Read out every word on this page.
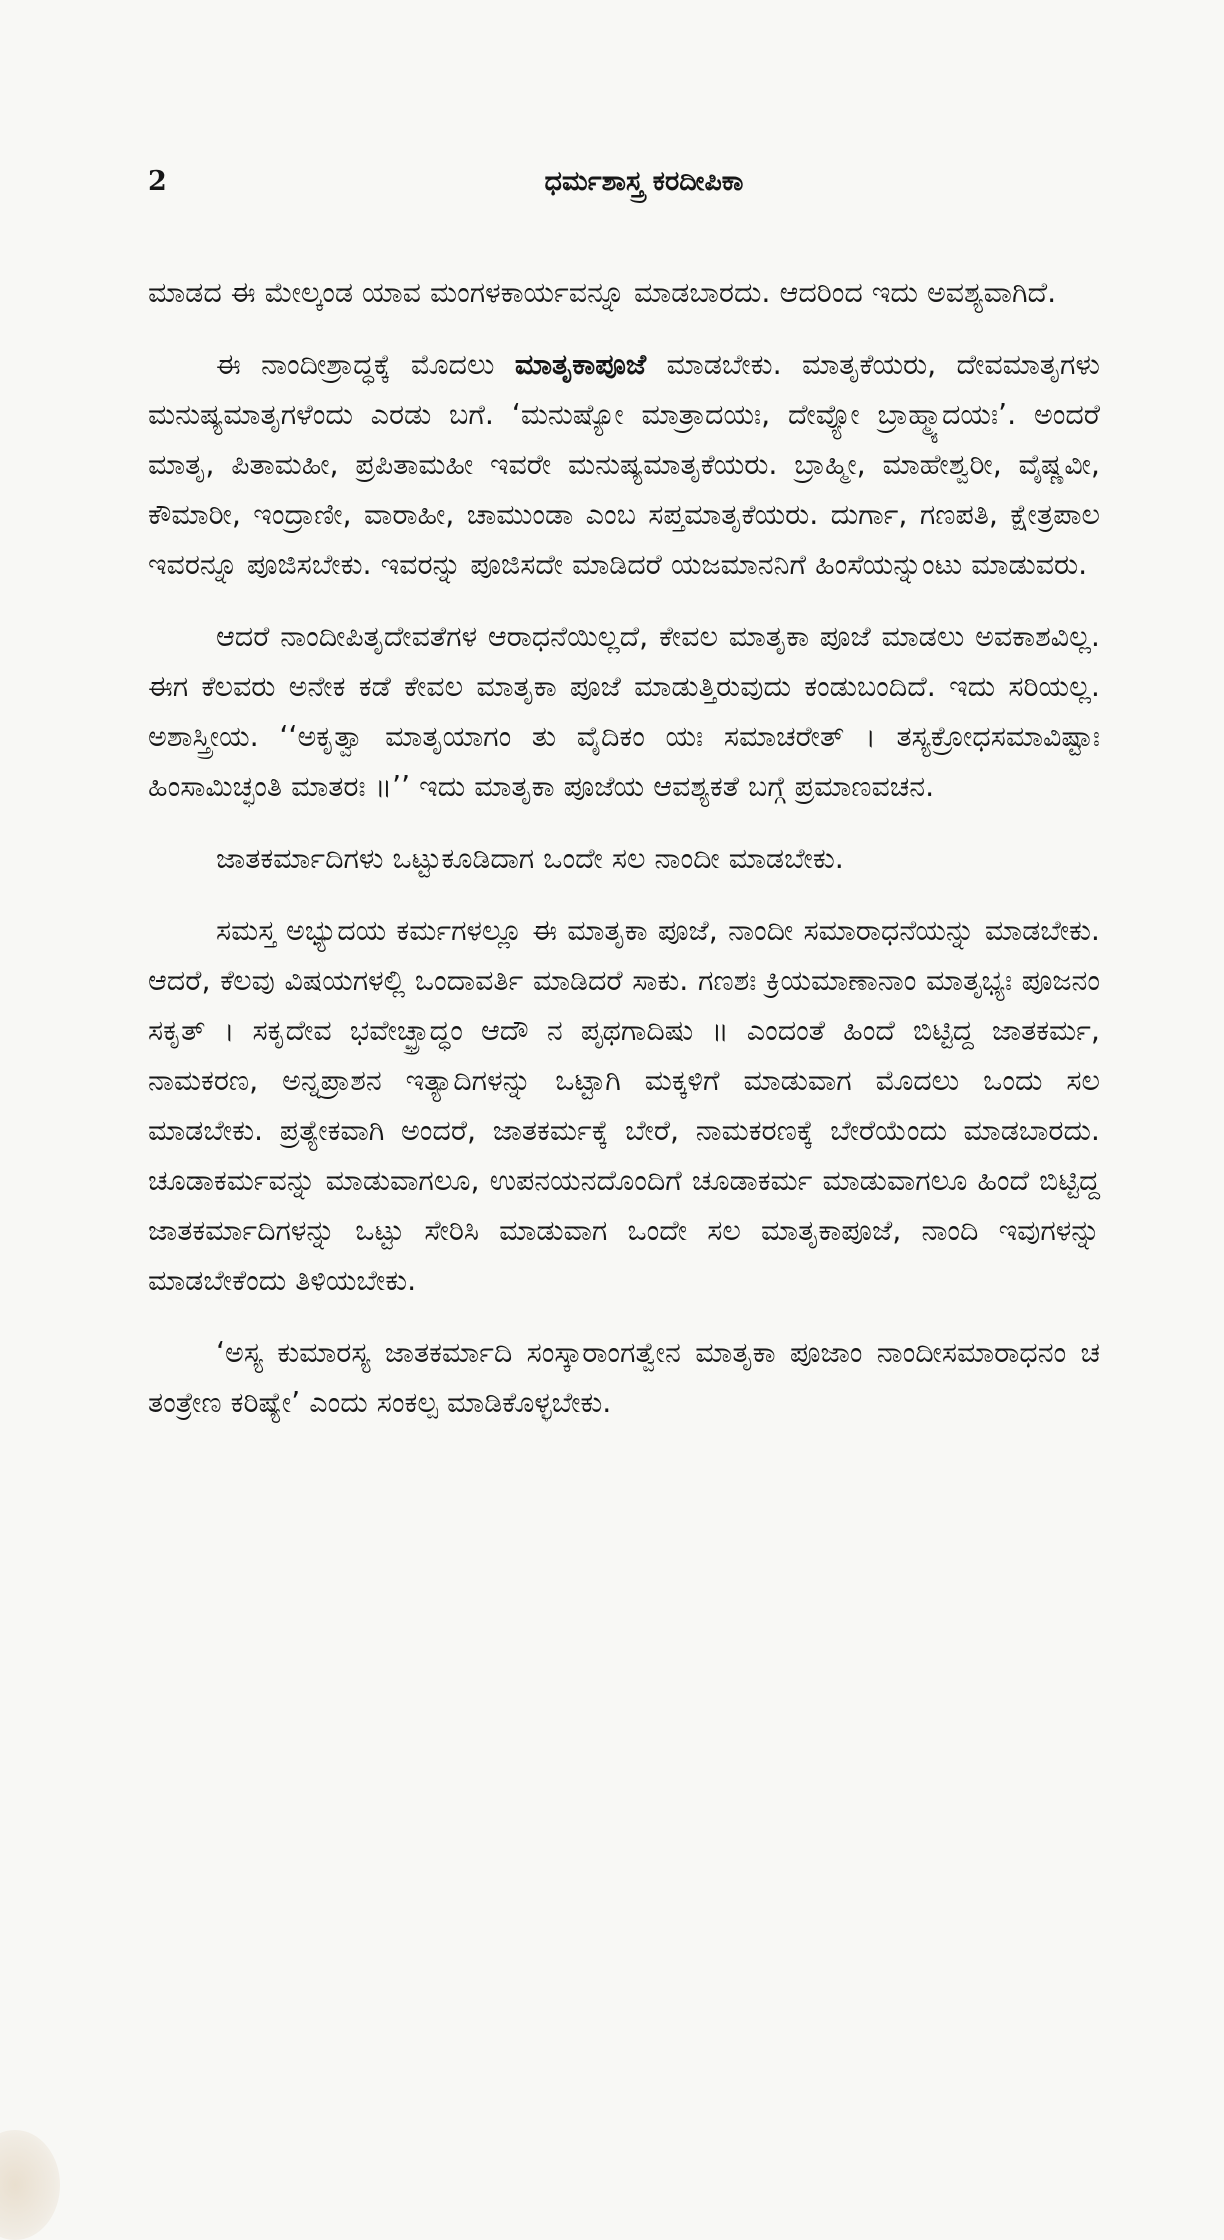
2	ಧರ್ಮಶಾಸ್ತ್ರ ಕರದೀಪಿಕಾ

ಮಾಡದ ಈ ಮೇಲ್ಕಂಡ ಯಾವ ಮಂಗಳಕಾರ್ಯವನ್ನೂ ಮಾಡಬಾರದು. ಆದರಿಂದ ಇದು ಅವಶ್ಯವಾಗಿದೆ.

ಈ ನಾಂದೀಶ್ರಾದ್ಧಕ್ಕೆ ಮೊದಲು ಮಾತೃಕಾಪೂಜೆ ಮಾಡಬೇಕು. ಮಾತೃಕೆಯರು, ದೇವಮಾತೃಗಳು ಮನುಷ್ಯಮಾತೃಗಳೆಂದು ಎರಡು ಬಗೆ. ‘ಮನುಷ್ಯೋ ಮಾತ್ರಾದಯಃ, ದೇವ್ಯೋ ಬ್ರಾಹ್ಮ್ಯಾದಯಃ’. ಅಂದರೆ ಮಾತೃ, ಪಿತಾಮಹೀ, ಪ್ರಪಿತಾಮಹೀ ಇವರೇ ಮನುಷ್ಯಮಾತೃಕೆಯರು. ಬ್ರಾಹ್ಮೀ, ಮಾಹೇಶ್ವರೀ, ವೈಷ್ಣವೀ, ಕೌಮಾರೀ, ಇಂದ್ರಾಣೀ, ವಾರಾಹೀ, ಚಾಮುಂಡಾ ಎಂಬ ಸಪ್ತಮಾತೃಕೆಯರು. ದುರ್ಗಾ, ಗಣಪತಿ, ಕ್ಷೇತ್ರಪಾಲ ಇವರನ್ನೂ ಪೂಜಿಸಬೇಕು. ಇವರನ್ನು ಪೂಜಿಸದೇ ಮಾಡಿದರೆ ಯಜಮಾನನಿಗೆ ಹಿಂಸೆಯನ್ನುಂಟು ಮಾಡುವರು.

ಆದರೆ ನಾಂದೀಪಿತೃದೇವತೆಗಳ ಆರಾಧನೆಯಿಲ್ಲದೆ, ಕೇವಲ ಮಾತೃಕಾ ಪೂಜೆ ಮಾಡಲು ಅವಕಾಶವಿಲ್ಲ. ಈಗ ಕೆಲವರು ಅನೇಕ ಕಡೆ ಕೇವಲ ಮಾತೃಕಾ ಪೂಜೆ ಮಾಡುತ್ತಿರುವುದು ಕಂಡುಬಂದಿದೆ. ಇದು ಸರಿಯಲ್ಲ. ಅಶಾಸ್ತ್ರೀಯ. ‘‘ಅಕೃತ್ವಾ ಮಾತೃಯಾಗಂ ತು ವೈದಿಕಂ ಯಃ ಸಮಾಚರೇತ್ । ತಸ್ಯಕ್ರೋಧಸಮಾವಿಷ್ಟಾಃ ಹಿಂಸಾಮಿಚ್ಛಂತಿ ಮಾತರಃ ॥’’ ಇದು ಮಾತೃಕಾ ಪೂಜೆಯ ಆವಶ್ಯಕತೆ ಬಗ್ಗೆ ಪ್ರಮಾಣವಚನ.

ಜಾತಕರ್ಮಾದಿಗಳು ಒಟ್ಟುಕೂಡಿದಾಗ ಒಂದೇ ಸಲ ನಾಂದೀ ಮಾಡಬೇಕು.

ಸಮಸ್ತ ಅಭ್ಯುದಯ ಕರ್ಮಗಳಲ್ಲೂ ಈ ಮಾತೃಕಾ ಪೂಜೆ, ನಾಂದೀ ಸಮಾರಾಧನೆಯನ್ನು ಮಾಡಬೇಕು. ಆದರೆ, ಕೆಲವು ವಿಷಯಗಳಲ್ಲಿ ಒಂದಾವರ್ತಿ ಮಾಡಿದರೆ ಸಾಕು. ಗಣಶಃ ಕ್ರಿಯಮಾಣಾನಾಂ ಮಾತೃಭ್ಯಃ ಪೂಜನಂ ಸಕೃತ್ । ಸಕೃದೇವ ಭವೇಚ್ಛ್ರಾದ್ಧಂ ಆದೌ ನ ಪೃಥಗಾದಿಷು ॥ ಎಂದಂತೆ ಹಿಂದೆ ಬಿಟ್ಟಿದ್ದ ಜಾತಕರ್ಮ, ನಾಮಕರಣ, ಅನ್ನಪ್ರಾಶನ ಇತ್ಯಾದಿಗಳನ್ನು ಒಟ್ಟಾಗಿ ಮಕ್ಕಳಿಗೆ ಮಾಡುವಾಗ ಮೊದಲು ಒಂದು ಸಲ ಮಾಡಬೇಕು. ಪ್ರತ್ಯೇಕವಾಗಿ ಅಂದರೆ, ಜಾತಕರ್ಮಕ್ಕೆ ಬೇರೆ, ನಾಮಕರಣಕ್ಕೆ ಬೇರೆಯೆಂದು ಮಾಡಬಾರದು. ಚೂಡಾಕರ್ಮವನ್ನು ಮಾಡುವಾಗಲೂ, ಉಪನಯನದೊಂದಿಗೆ ಚೂಡಾಕರ್ಮ ಮಾಡುವಾಗಲೂ ಹಿಂದೆ ಬಿಟ್ಟಿದ್ದ ಜಾತಕರ್ಮಾದಿಗಳನ್ನು ಒಟ್ಟು ಸೇರಿಸಿ ಮಾಡುವಾಗ ಒಂದೇ ಸಲ ಮಾತೃಕಾಪೂಜೆ, ನಾಂದಿ ಇವುಗಳನ್ನು ಮಾಡಬೇಕೆಂದು ತಿಳಿಯಬೇಕು.

‘ಅಸ್ಯ ಕುಮಾರಸ್ಯ ಜಾತಕರ್ಮಾದಿ ಸಂಸ್ಕಾರಾಂಗತ್ವೇನ ಮಾತೃಕಾ ಪೂಜಾಂ ನಾಂದೀಸಮಾರಾಧನಂ ಚ ತಂತ್ರೇಣ ಕರಿಷ್ಯೇ’ ಎಂದು ಸಂಕಲ್ಪ ಮಾಡಿಕೊಳ್ಳಬೇಕು.
